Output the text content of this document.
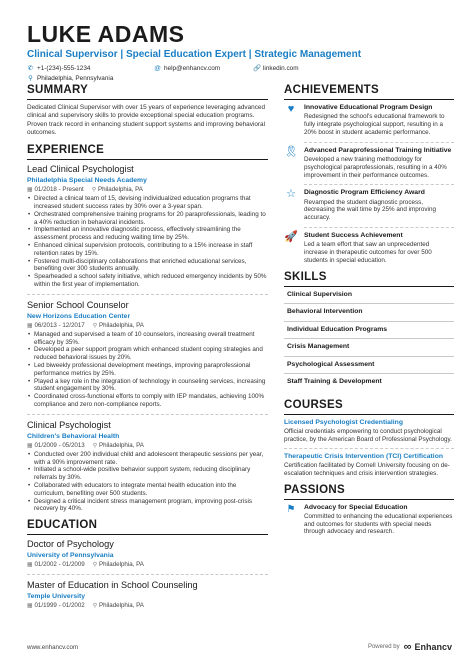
LUKE ADAMS
Clinical Supervisor | Special Education Expert | Strategic Management
✆ +1-(234)-555-1234	@ help@enhancv.com	🔗 linkedin.com
⚲ Philadelphia, Pennsylvania
SUMMARY
Dedicated Clinical Supervisor with over 15 years of experience leveraging advanced clinical and supervisory skills to provide exceptional special education programs. Proven track record in enhancing student support systems and improving behavioral outcomes.
EXPERIENCE
Lead Clinical Psychologist
Philadelphia Special Needs Academy
▦ 01/2018 - Present ⚲ Philadelphia, PA
• Directed a clinical team of 15, devising individualized education programs that increased student success rates by 30% over a 3-year span.
• Orchestrated comprehensive training programs for 20 paraprofessionals, leading to a 40% reduction in behavioral incidents.
• Implemented an innovative diagnostic process, effectively streamlining the assessment process and reducing waiting time by 25%.
• Enhanced clinical supervision protocols, contributing to a 15% increase in staff retention rates by 15%.
• Fostered multi-disciplinary collaborations that enriched educational services, benefiting over 300 students annually.
• Spearheaded a school safety initiative, which reduced emergency incidents by 50% within the first year of implementation.
Senior School Counselor
New Horizons Education Center
▦ 06/2013 - 12/2017 ⚲ Philadelphia, PA
• Managed and supervised a team of 10 counselors, increasing overall treatment efficacy by 35%.
• Developed a peer support program which enhanced student coping strategies and reduced behavioral issues by 20%.
• Led biweekly professional development meetings, improving paraprofessional performance metrics by 25%.
• Played a key role in the integration of technology in counseling services, increasing student engagement by 30%.
• Coordinated cross-functional efforts to comply with IEP mandates, achieving 100% compliance and zero non-compliance reports.
Clinical Psychologist
Children's Behavioral Health
▦ 01/2009 - 05/2013 ⚲ Philadelphia, PA
• Conducted over 200 individual child and adolescent therapeutic sessions per year, with a 90% improvement rate.
• Initiated a school-wide positive behavior support system, reducing disciplinary referrals by 30%.
• Collaborated with educators to integrate mental health education into the curriculum, benefiting over 500 students.
• Designed a critical incident stress management program, improving post-crisis recovery by 40%.
EDUCATION
Doctor of Psychology
University of Pennsylvania
▦ 01/2002 - 01/2009 ⚲ Philadelphia, PA
Master of Education in School Counseling
Temple University
▦ 01/1999 - 01/2002 ⚲ Philadelphia, PA
ACHIEVEMENTS
♥	Innovative Educational Program Design
Redesigned the school's educational framework to fully integrate psychological support, resulting in a 20% boost in student academic performance.
🎗 Advanced Paraprofessional Training Initiative
Developed a new training methodology for psychological paraprofessionals, resulting in a 40% improvement in their performance outcomes.
☆	Diagnostic Program Efficiency Award
Revamped the student diagnostic process, decreasing the wait time by 25% and improving accuracy.
🚀 Student Success Achievement
Led a team effort that saw an unprecedented increase in therapeutic outcomes for over 500 students in special education.
SKILLS
Clinical Supervision
Behavioral Intervention
Individual Education Programs
Crisis Management
Psychological Assessment
Staff Training & Development
COURSES
Licensed Psychologist Credentialing
Official credentials empowering to conduct psychological practice, by the American Board of Professional Psychology.
Therapeutic Crisis Intervention (TCI) Certification
Certification facilitated by Cornell University focusing on de-escalation techniques and crisis intervention strategies.
PASSIONS
⚑	Advocacy for Special Education
Committed to enhancing the educational experiences and outcomes for students with special needs through advocacy and research.
www.enhancv.com	Powered by ∞ Enhancv
